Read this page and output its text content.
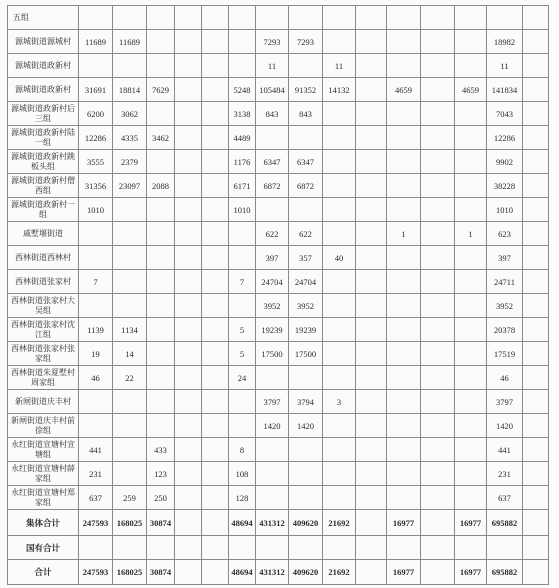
五组															
源城街道源城村	11689	11689					7293	7293						18982	
源城街道政新村							11		11					11	
源城街道政新村	31691	18814	7629			5248	105484	91352	14132		4659		4659	141834	
源城街道政新村后三组	6200	3062				3138	843	843						7043	
源城街道政新村陆一组	12286	4335	3462			4489								12286	
源城街道政新村跳板头组	3555	2379				1176	6347	6347						9902	
源城街道政新村僧西组	31356	23097	2088			6171	6872	6872						38228	
源城街道政新村一组	1010					1010								1010	
戚墅堰街道							622	622			1		1	623	
西林街道西林村							397	357	40					397	
西林街道张家村	7					7	24704	24704						24711	
西林街道张家村大吴组							3952	3952						3952	
西林街道张家村沈江组	1139	1134				5	19239	19239						20378	
西林街道张家村张家组	19	14				5	17500	17500						17519	
西林街道朱夏墅村周家组	46	22				24								46	
新闸街道庆丰村							3797	3794	3					3797	
新闸街道庆丰村前徐组							1420	1420						1420	
永红街道宣塘村宣塘组	441		433			8								441	
永红街道宣塘村薛家组	231		123			108								231	
永红街道宣塘村郑家组	637	259	250			128								637	
集体合计	247593	168025	30874			48694	431312	409620	21692		16977		16977	695882	
国有合计															
合计	247593	168025	30874			48694	431312	409620	21692		16977		16977	695882	
